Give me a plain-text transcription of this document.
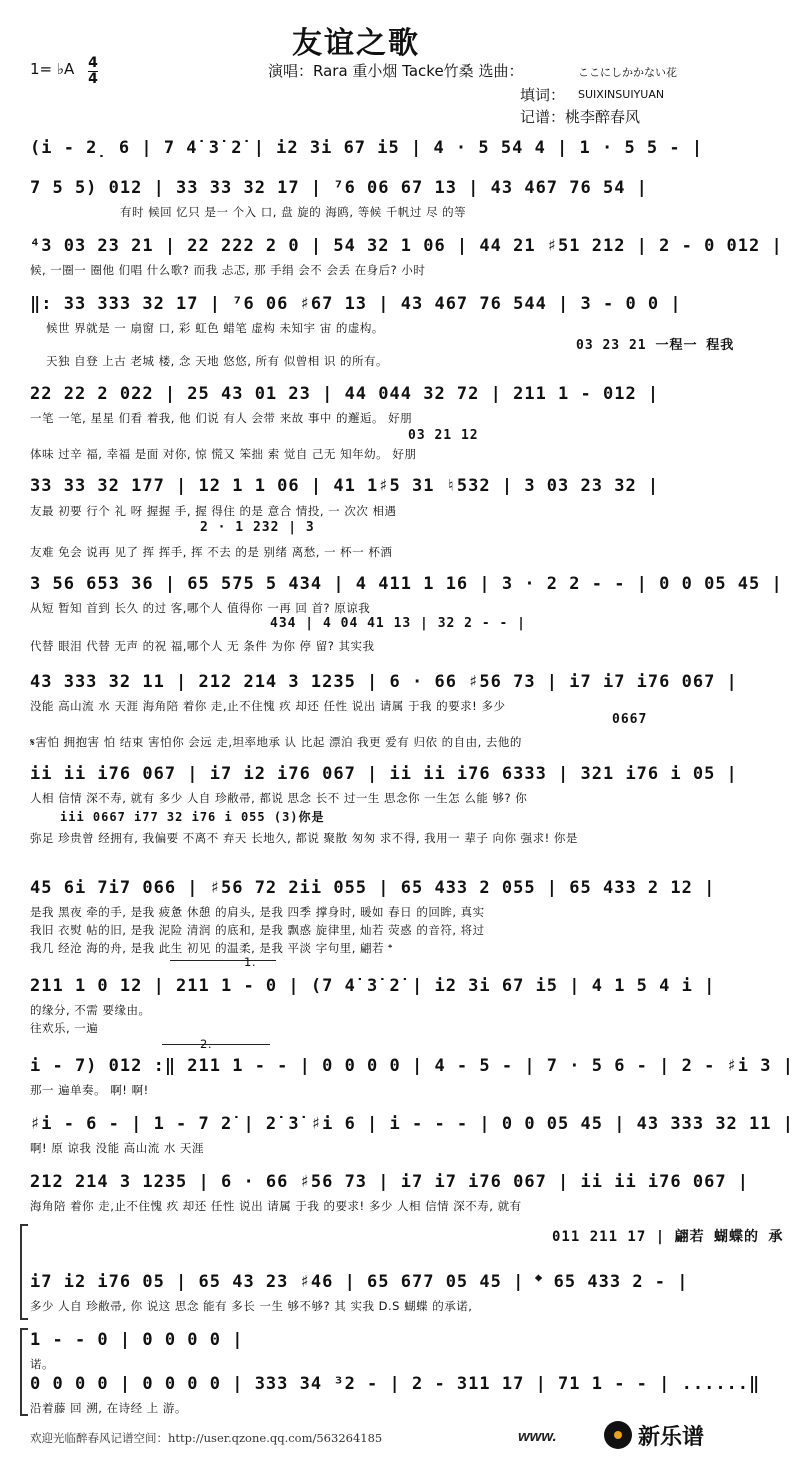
友谊之歌
1= ♭A 4
4	演唱：Rara 重小烟 Tacke竹桑 选曲：	ここにしかかない花
填词： SUIXINSUIYUAN
记谱：桃李醉春风
(i - 2̣ 6 | 7 4̇ 3̇ 2̇ | i2 3i 67 i5 | 4 · 5 54 4 | 1 · 5 5 - |
7 5 5) 012 | 33 33 32 17 | ⁷6 06 67 13 | 43 467 76 54 |
有时 候回 忆只 是一 个入 口, 盘 旋的 海鸥, 等候 千帆过 尽 的等
⁴3 03 23 21 | 22 222 2 0 | 54 32 1 06 | 44 21 ♯51 212 | 2 - 0 012 |
候, 一圈一 圈他 们唱 什么歌? 而我 忐忑, 那 手绢 会不 会丢 在身后? 小时
‖: 33 333 32 17 | ⁷6 06 ♯67 13 | 43 467 76 544 | 3 - 0 0 |
候世 界就是 一 扇窗 口, 彩 虹色 蜡笔 虚构 未知宇 宙 的虚构。
03 23 21 一程一 程我
天独 自登 上古 老城 楼, 念 天地 悠悠, 所有 似曾相 识 的所有。
22 22 2 022 | 25 43 01 23 | 44 044 32 72 | 211 1 - 012 |
一笔 一笔, 星星 们看 着我, 他 们说 有人 会带 来故 事中 的邂逅。 好朋
03 21 12
体味 过辛 福, 幸福 是面 对你, 惊 慌又 笨拙 索 觉自 己无 知年幼。 好朋
33 33 32 177 | 12 1 1 06 | 41 1♯5 31 ♮532 | 3 03 23 32 |
友最 初要 行个 礼 呀 握握 手, 握 得住 的是 意合 情投, 一 次次 相遇
2 · 1 232 | 3
友难 免会 说再 见了 挥 挥手, 挥 不去 的是 别绪 离愁, 一 杯一 杯酒
3 56 653 36 | 65 575 5 434 | 4 411 1 16 | 3 · 2 2 - - | 0 0 05 45 |
从短 暂知 首到 长久 的过 客,哪个人 值得你 一再 回 首? 原谅我
434 | 4 04 41 13 | 32 2 - - |
代替 眼泪 代替 无声 的祝 福,哪个人 无 条件 为你 停 留? 其实我
43 333 32 11 | 212 214 3 1235 | 6 · 66 ♯56 73 | i7 i7 i76 067 |
没能 高山流 水 天涯 海角陪 着你 走,止不住愧 疚 却还 任性 说出 请属 于我 的要求! 多少
0667
𝄋害怕 拥抱害 怕 结束 害怕你 会远 走,坦率地承 认 比起 漂泊 我更 爱有 归依 的自由, 去他的
ii ii i76 067 | i7 i2 i76 067 | ii ii i76 6333 | 321 i76 i 05 |
人相 信情 深不寿, 就有 多少 人自 珍敝帚, 都说 思念 长不 过一生 思念你 一生怎 么能 够? 你
iii 0667 i77 32 i76 i 055 (3)你是
弥足 珍贵曾 经拥有, 我偏要 不离不 弃天 长地久, 都说 聚散 匆匆 求不得, 我用一 辈子 向你 强求! 你是
45 6i 7i7 066 | ♯56 72 2ii 055 | 65 433 2 055 | 65 433 2 12 |
是我 黑夜 牵的手, 是我 疲惫 休憩 的肩头, 是我 四季 撑身时, 暖如 春日 的回眸, 真实
我旧 衣熨 帖的旧, 是我 泥险 清润 的底和, 是我 飘惑 旋律里, 灿若 荧惑 的音符, 将过
我几 经沧 海的舟, 是我 此生 初见 的温柔, 是我 平淡 字句里, 翩若 𝄌
1.
211 1 0 12 | 211 1 - 0 | (7 4̇ 3̇ 2̇ | i2 3i 67 i5 | 4 1 5 4 i |
的缘分, 不需 要缘由。
往欢乐, 一遍
2.
i - 7) 012 :‖ 211 1 - - | 0 0 0 0 | 4 - 5 - | 7 · 5 6 - | 2 - ♯i 3 |
那一 遍单奏。 啊! 啊!
♯i - 6 - | 1 - 7 2̇ | 2̇ 3̇ ♯i 6 | i - - - | 0 0 05 45 | 43 333 32 11 |
啊! 原 谅我 没能 高山流 水 天涯
212 214 3 1235 | 6 · 66 ♯56 73 | i7 i7 i76 067 | ii ii i76 067 |
海角陪 着你 走,止不住愧 疚 却还 任性 说出 请属 于我 的要求! 多少 人相 信情 深不寿, 就有
011 211 17 | 翩若 蝴蝶的 承
i7 i2 i76 05 | 65 43 23 ♯46 | 65 677 05 45 | 𝄌 65 433 2 - |
多少 人自 珍敝帚, 你 说这 思念 能有 多长 一生 够不够? 其 实我 D.S 蝴蝶 的承诺,
1 - - 0 | 0 0 0 0 |
诺。
0 0 0 0 | 0 0 0 0 | 333 34 ³2 - | 2 - 311 17 | 71 1 - - | ......‖
沿着藤 回 溯, 在诗经 上 游。
欢迎光临醉春风记谱空间：http://user.qzone.qq.com/563264185	www.	新乐谱
